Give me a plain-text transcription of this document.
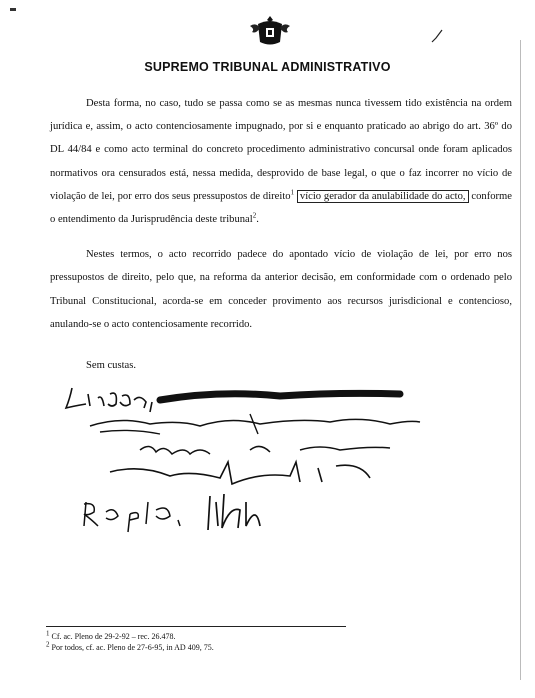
SUPREMO TRIBUNAL ADMINISTRATIVO

Desta forma, no caso, tudo se passa como se as mesmas nunca tivessem tido existência na ordem jurídica e, assim, o acto contenciosamente impugnado, por si e enquanto praticado ao abrigo do art. 36º do DL 44/84 e como acto terminal do concreto procedimento administrativo concursal onde foram aplicados normativos ora censurados está, nessa medida, desprovido de base legal, o que o faz incorrer no vício de violação de lei, por erro dos seus pressupostos de direito$^1$ vício gerador da anulabilidade do acto, conforme o entendimento da Jurisprudência deste tribunal$^2$.

Nestes termos, o acto recorrido padece do apontado vício de violação de lei, por erro nos pressupostos de direito, pelo que, na reforma da anterior decisão, em conformidade com o ordenado pelo Tribunal Constitucional, acorda-se em conceder provimento aos recursos jurisdicional e contencioso, anulando-se o acto contenciosamente recorrido.

Sem custas.
$^1$ Cf. ac. Pleno de 29-2-92 – rec. 26.478.
$^2$ Por todos, cf. ac. Pleno de 27-6-95, in AD 409, 75.
